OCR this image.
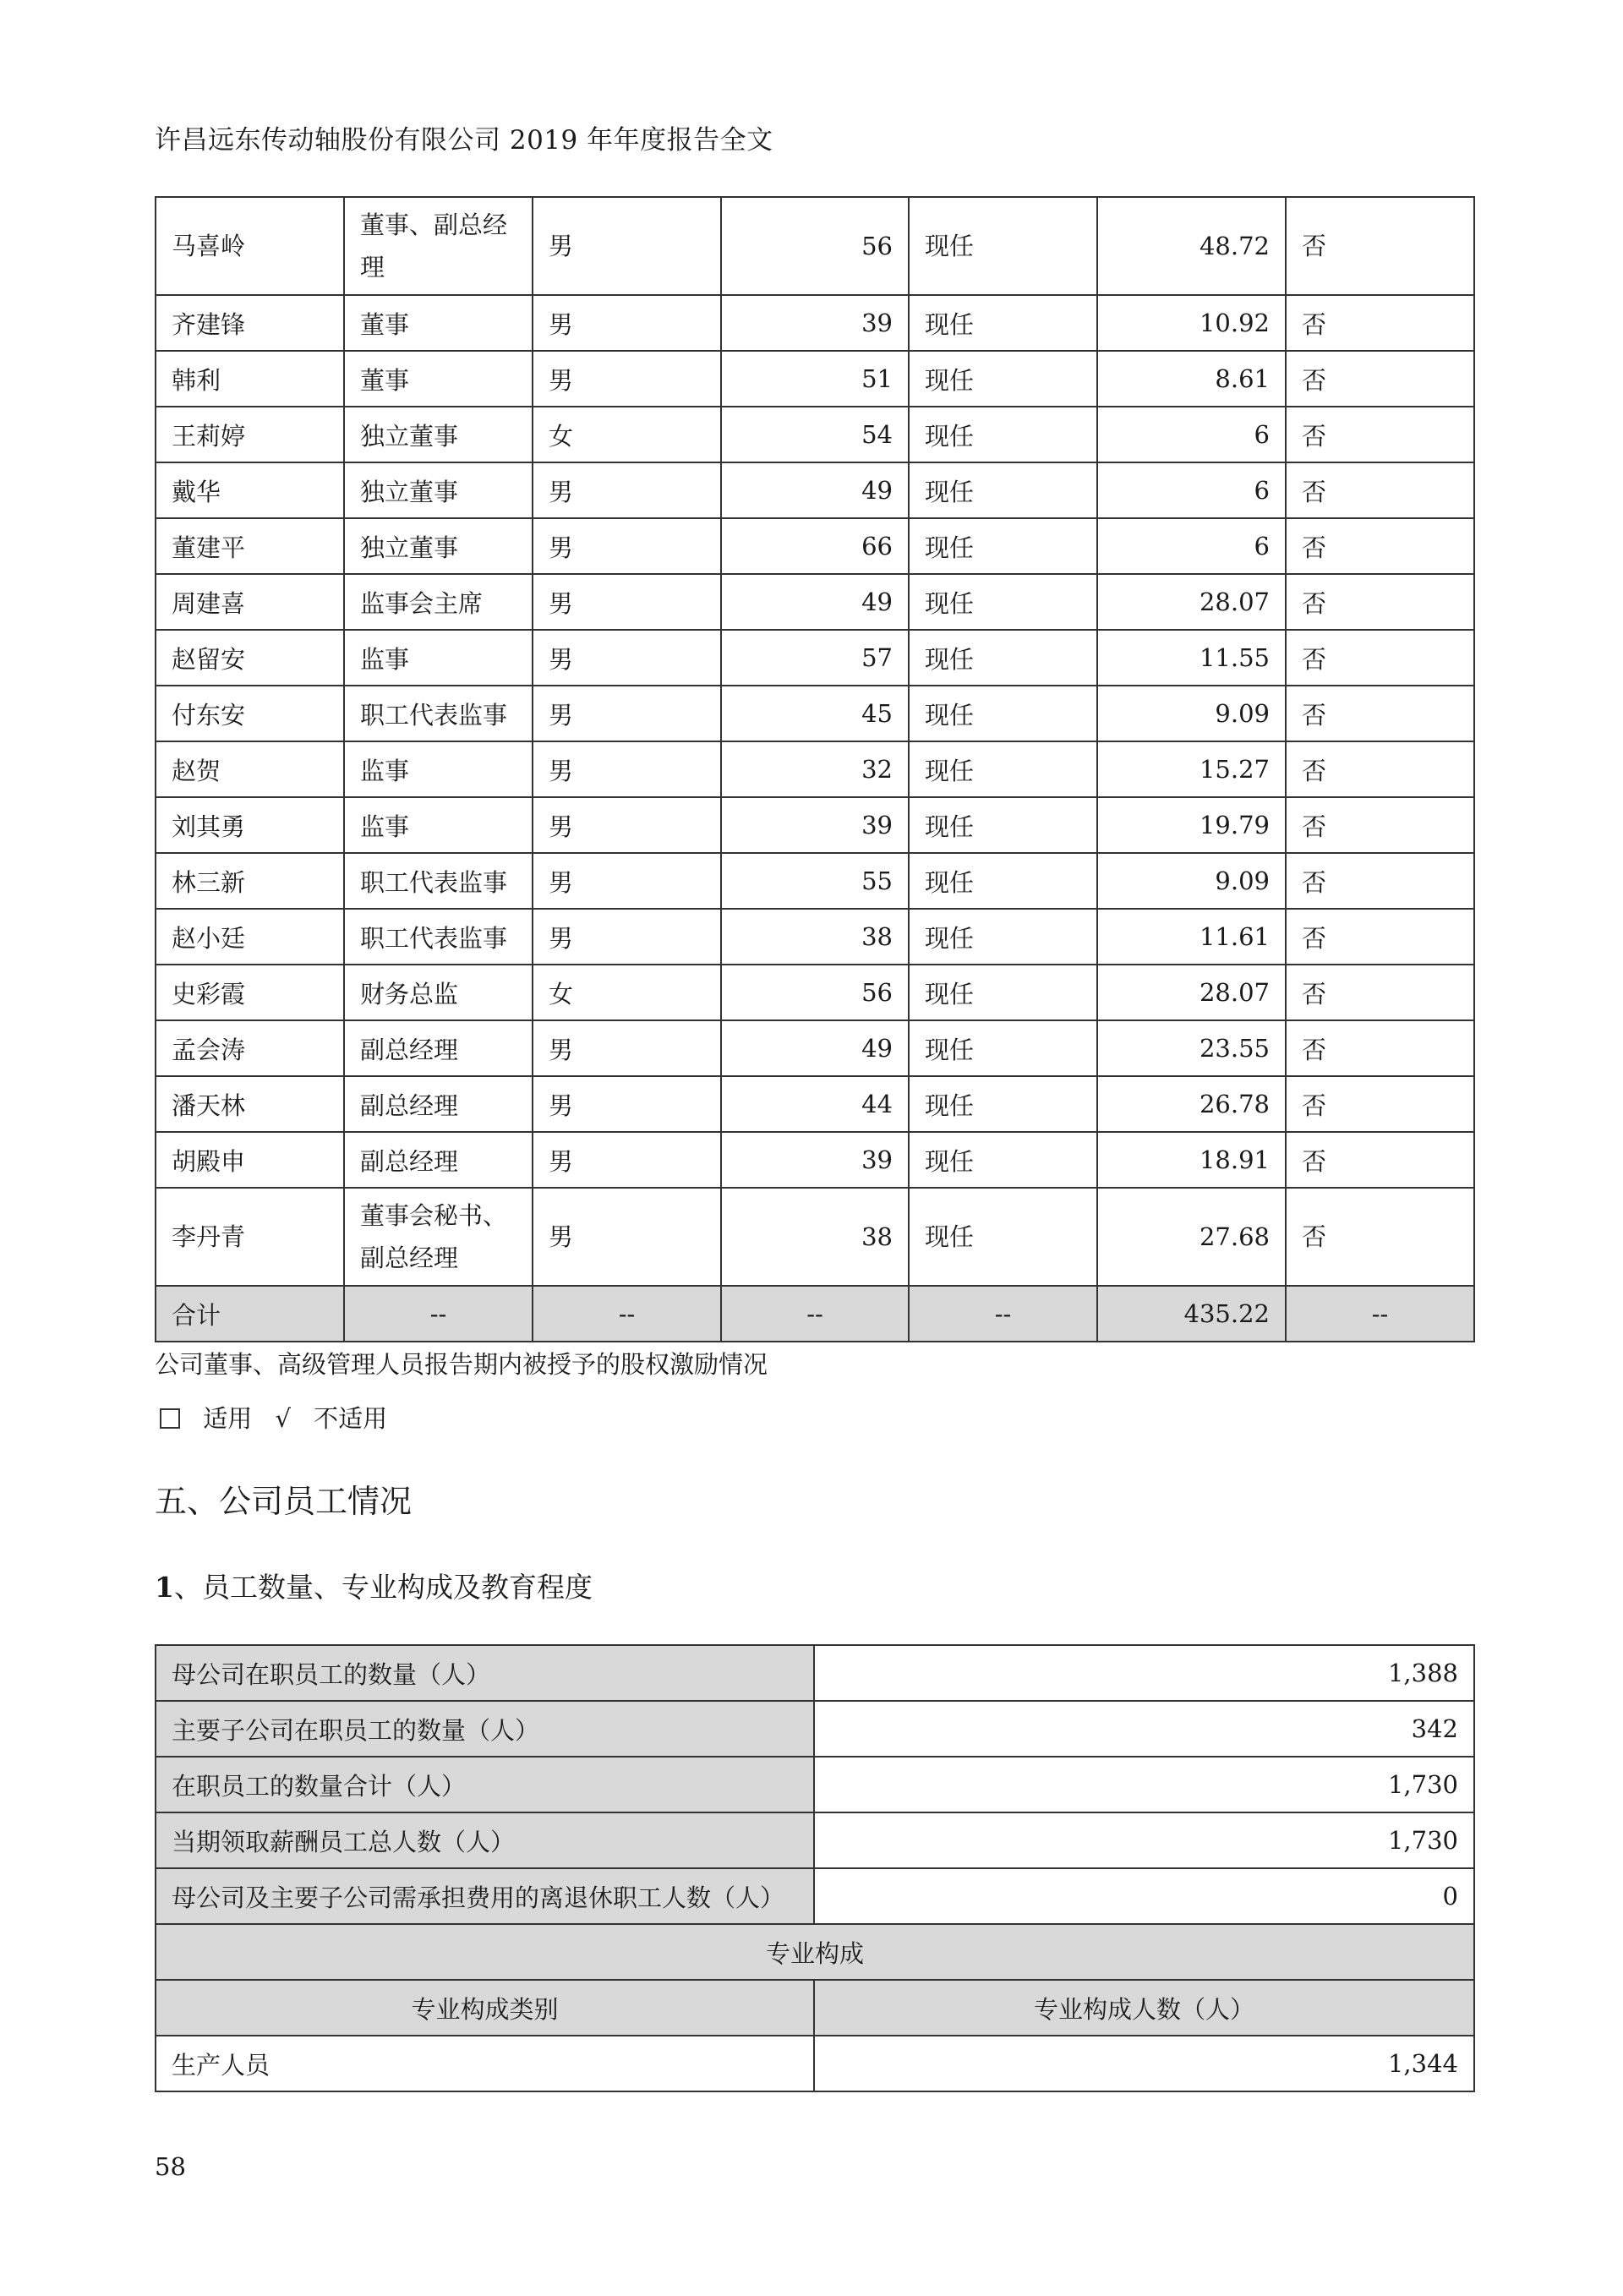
许昌远东传动轴股份有限公司 2019 年年度报告全文
马喜岭	董事、副总经理	男	56	现任	48.72	否
齐建锋	董事	男	39	现任	10.92	否
韩利	董事	男	51	现任	8.61	否
王莉婷	独立董事	女	54	现任	6	否
戴华	独立董事	男	49	现任	6	否
董建平	独立董事	男	66	现任	6	否
周建喜	监事会主席	男	49	现任	28.07	否
赵留安	监事	男	57	现任	11.55	否
付东安	职工代表监事	男	45	现任	9.09	否
赵贺	监事	男	32	现任	15.27	否
刘其勇	监事	男	39	现任	19.79	否
林三新	职工代表监事	男	55	现任	9.09	否
赵小廷	职工代表监事	男	38	现任	11.61	否
史彩霞	财务总监	女	56	现任	28.07	否
孟会涛	副总经理	男	49	现任	23.55	否
潘天林	副总经理	男	44	现任	26.78	否
胡殿申	副总经理	男	39	现任	18.91	否
李丹青	董事会秘书、副总经理	男	38	现任	27.68	否
合计	--	--	--	--	435.22	--
公司董事、高级管理人员报告期内被授予的股权激励情况
适用 √ 不适用
五、公司员工情况
1、员工数量、专业构成及教育程度
母公司在职员工的数量（人）	1,388
主要子公司在职员工的数量（人）	342
在职员工的数量合计（人）	1,730
当期领取薪酬员工总人数（人）	1,730
母公司及主要子公司需承担费用的离退休职工人数（人）	0
专业构成	
专业构成类别	专业构成人数（人）
生产人员	1,344
58
